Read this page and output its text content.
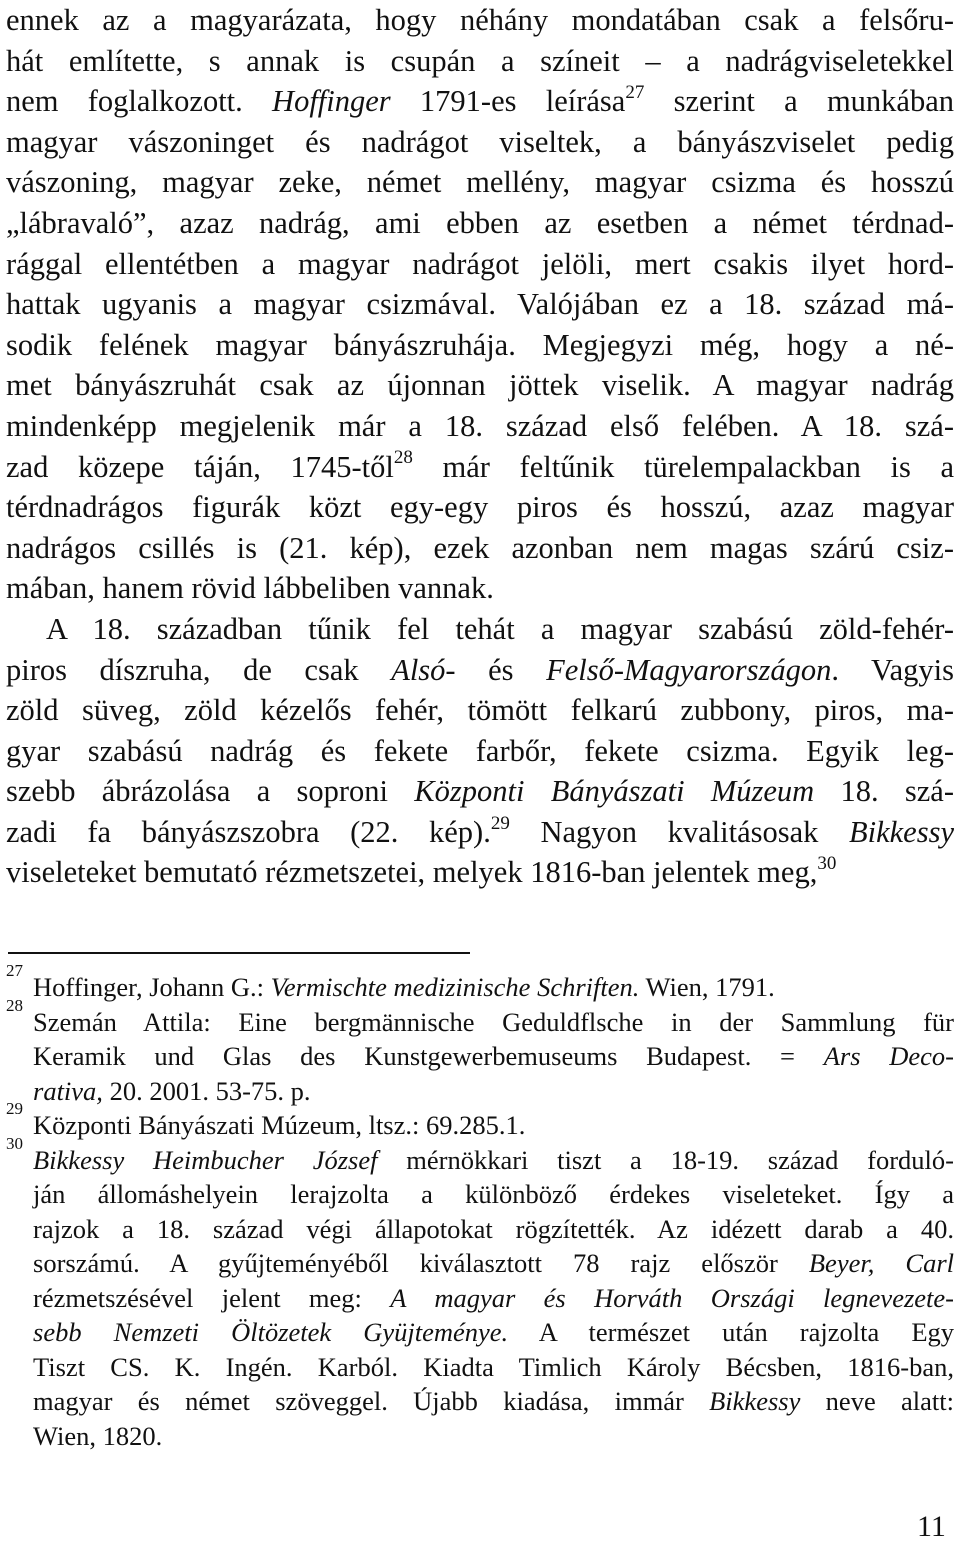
ennek az a magyarázata, hogy néhány mondatában csak a felsőru-
hát említette, s annak is csupán a színeit – a nadrágviseletekkel
nem foglalkozott. Hoffinger 1791-es leírása$^{27}$ szerint a munkában
magyar vászoninget és nadrágot viseltek, a bányászviselet pedig
vászoning, magyar zeke, német mellény, magyar csizma és hosszú
„lábravaló”, azaz nadrág, ami ebben az esetben a német térdnad-
rággal ellentétben a magyar nadrágot jelöli, mert csakis ilyet hord-
hattak ugyanis a magyar csizmával. Valójában ez a 18. század má-
sodik felének magyar bányászruhája. Megjegyzi még, hogy a né-
met bányászruhát csak az újonnan jöttek viselik. A magyar nadrág
mindenképp megjelenik már a 18. század első felében. A 18. szá-
zad közepe táján, 1745-től$^{28}$ már feltűnik türelempalackban is a
térdnadrágos figurák közt egy-egy piros és hosszú, azaz magyar
nadrágos csillés is (21. kép), ezek azonban nem magas szárú csiz-
mában, hanem rövid lábbeliben vannak.
A 18. században tűnik fel tehát a magyar szabású zöld-fehér-
piros díszruha, de csak Alsó- és Felső-Magyarországon. Vagyis
zöld süveg, zöld kézelős fehér, tömött felkarú zubbony, piros, ma-
gyar szabású nadrág és fekete farbőr, fekete csizma. Egyik leg-
szebb ábrázolása a soproni Központi Bányászati Múzeum 18. szá-
zadi fa bányászszobra (22. kép).$^{29}$ Nagyon kvalitásosak Bikkessy
viseleteket bemutató rézmetszetei, melyek 1816-ban jelentek meg,$^{30}$
27
Hoffinger, Johann G.: Vermischte medizinische Schriften. Wien, 1791.
28
Szemán Attila: Eine bergmännische Geduldflsche in der Sammlung für
Keramik und Glas des Kunstgewerbemuseums Budapest. = Ars Deco-
rativa, 20. 2001. 53-75. p.
29
Központi Bányászati Múzeum, ltsz.: 69.285.1.
30
Bikkessy Heimbucher József mérnökkari tiszt a 18-19. század forduló-
ján állomáshelyein lerajzolta a különböző érdekes viseleteket. Így a
rajzok a 18. század végi állapotokat rögzítették. Az idézett darab a 40.
sorszámú. A gyűjteményéből kiválasztott 78 rajz először Beyer, Carl
rézmetszésével jelent meg: A magyar és Horváth Országi legnevezete-
sebb Nemzeti Öltözetek Gyüjteménye. A természet után rajzolta Egy
Tiszt CS. K. Ingén. Karból. Kiadta Timlich Károly Bécsben, 1816-ban,
magyar és német szöveggel. Újabb kiadása, immár Bikkessy neve alatt:
Wien, 1820.
11
